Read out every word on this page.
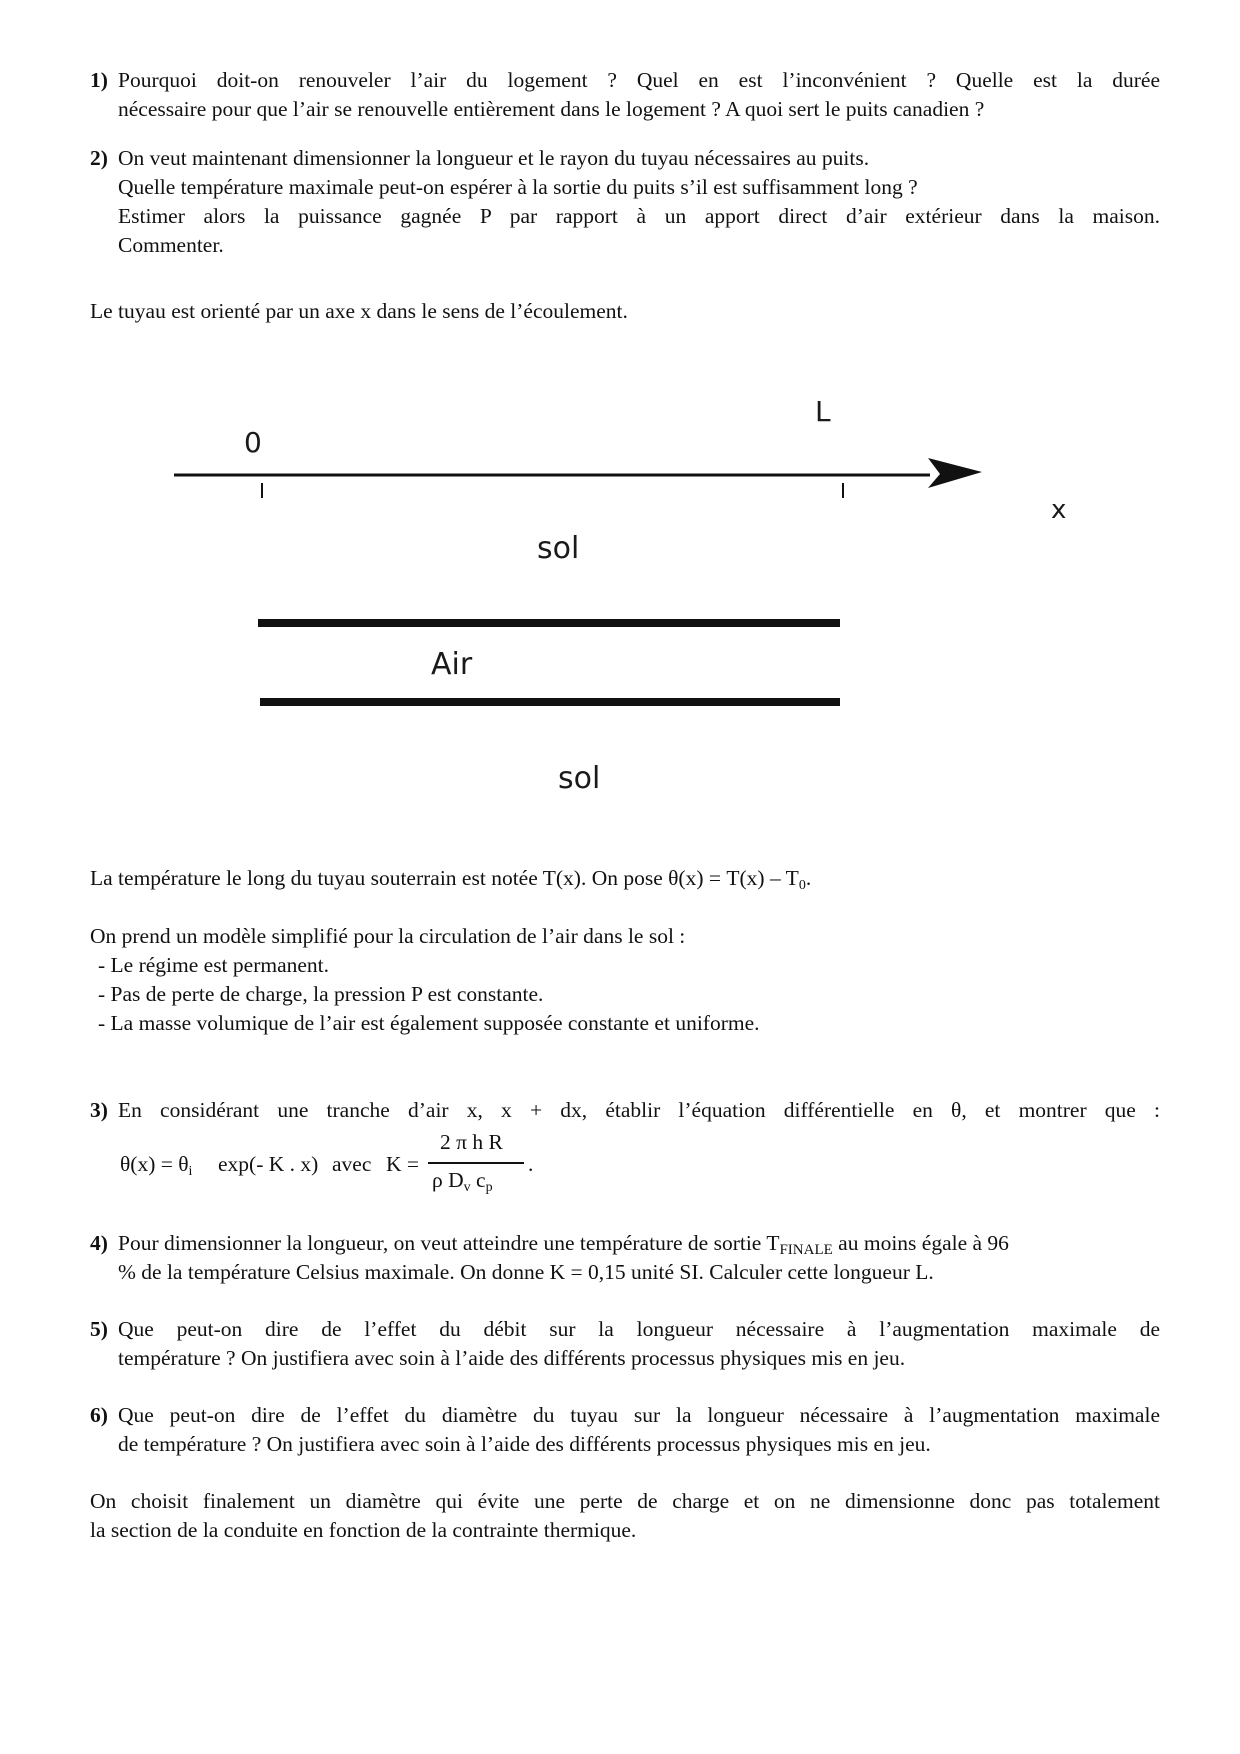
1) Pourquoi doit-on renouveler l’air du logement ? Quel en est l’inconvénient ? Quelle est la durée
nécessaire pour que l’air se renouvelle entièrement dans le logement ? A quoi sert le puits canadien ?
2) On veut maintenant dimensionner la longueur et le rayon du tuyau nécessaires au puits.
Quelle température maximale peut-on espérer à la sortie du puits s’il est suffisamment long ?
Estimer alors la puissance gagnée P par rapport à un apport direct d’air extérieur dans la maison.
Commenter.
Le tuyau est orienté par un axe x dans le sens de l’écoulement.
0
L
x
sol
Air
sol
La température le long du tuyau souterrain est notée T(x). On pose $\theta(x) = T(x) - T_0$.
On prend un modèle simplifié pour la circulation de l’air dans le sol :
- Le régime est permanent.
- Pas de perte de charge, la pression P est constante.
- La masse volumique de l’air est également supposée constante et uniforme.
3) En considérant une tranche d’air x, x + dx, établir l’équation différentielle en θ, et montrer que :
$\theta(x) = \theta_i$ exp(- K . x) avec K =
2 π h R
ρ $D_v$ $c_p$
.
4) Pour dimensionner la longueur, on veut atteindre une température de sortie $T_{FINALE}$ au moins égale à 96
% de la température Celsius maximale. On donne K = 0,15 unité SI. Calculer cette longueur L.
5) Que peut-on dire de l’effet du débit sur la longueur nécessaire à l’augmentation maximale de
température ? On justifiera avec soin à l’aide des différents processus physiques mis en jeu.
6) Que peut-on dire de l’effet du diamètre du tuyau sur la longueur nécessaire à l’augmentation maximale
de température ? On justifiera avec soin à l’aide des différents processus physiques mis en jeu.
On choisit finalement un diamètre qui évite une perte de charge et on ne dimensionne donc pas totalement
la section de la conduite en fonction de la contrainte thermique.
